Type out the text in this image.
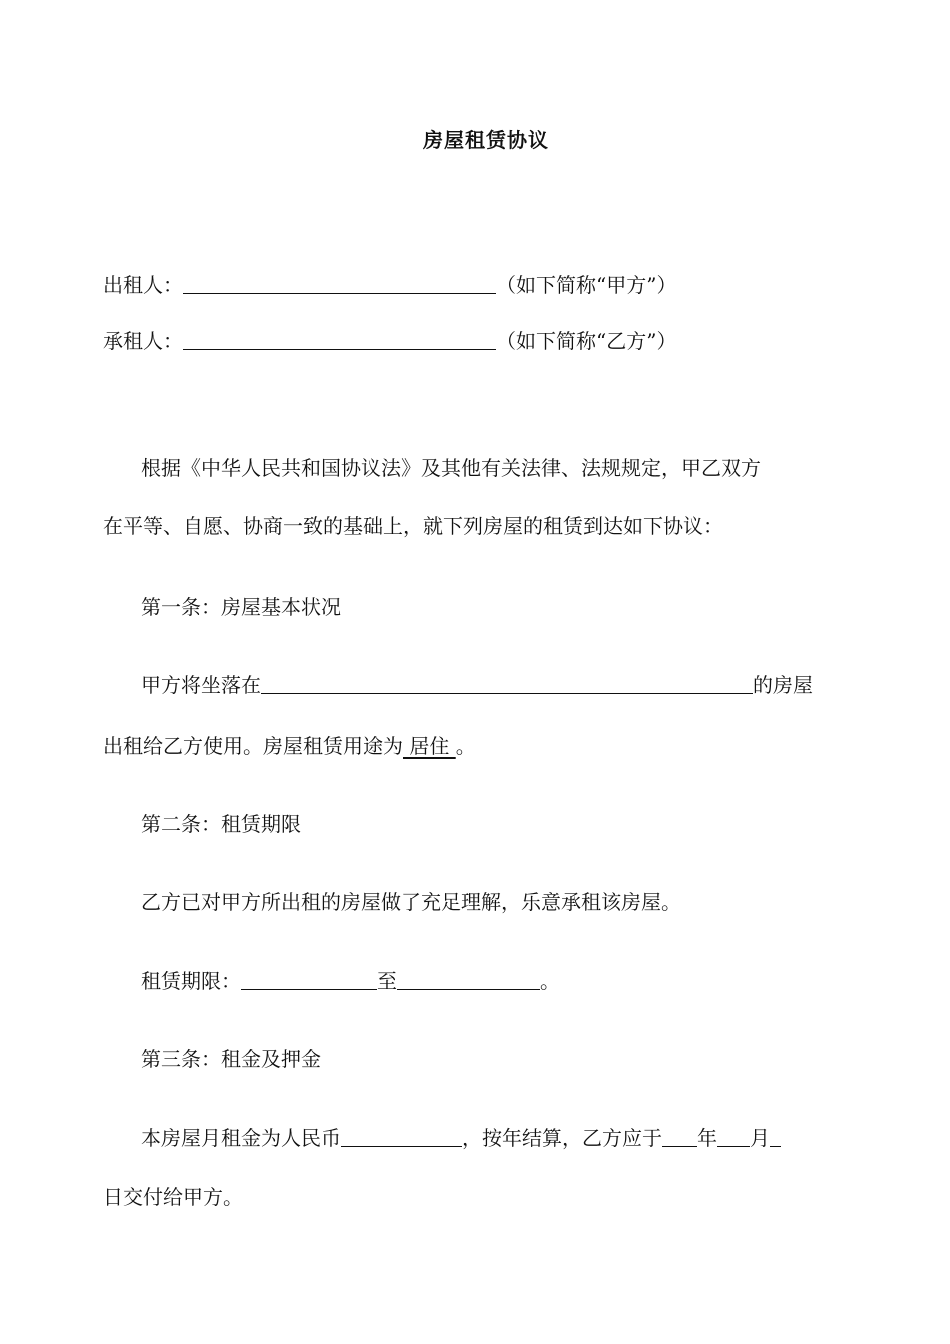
房屋租赁协议
出租人：	（如下简称“甲方”）
承租人：	（如下简称“乙方”）
根据《中华人民共和国协议法》及其他有关法律、法规规定，甲乙双方
在平等、自愿、协商一致的基础上，就下列房屋的租赁到达如下协议：
第一条：房屋基本状况
甲方将坐落在	的房屋
出租给乙方使用。房屋租赁用途为 居住 。
第二条：租赁期限
乙方已对甲方所出租的房屋做了充足理解，乐意承租该房屋。
租赁期限：	至	。
第三条：租金及押金
本房屋月租金为人民币	，按年结算，乙方应于 年 月
日交付给甲方。
